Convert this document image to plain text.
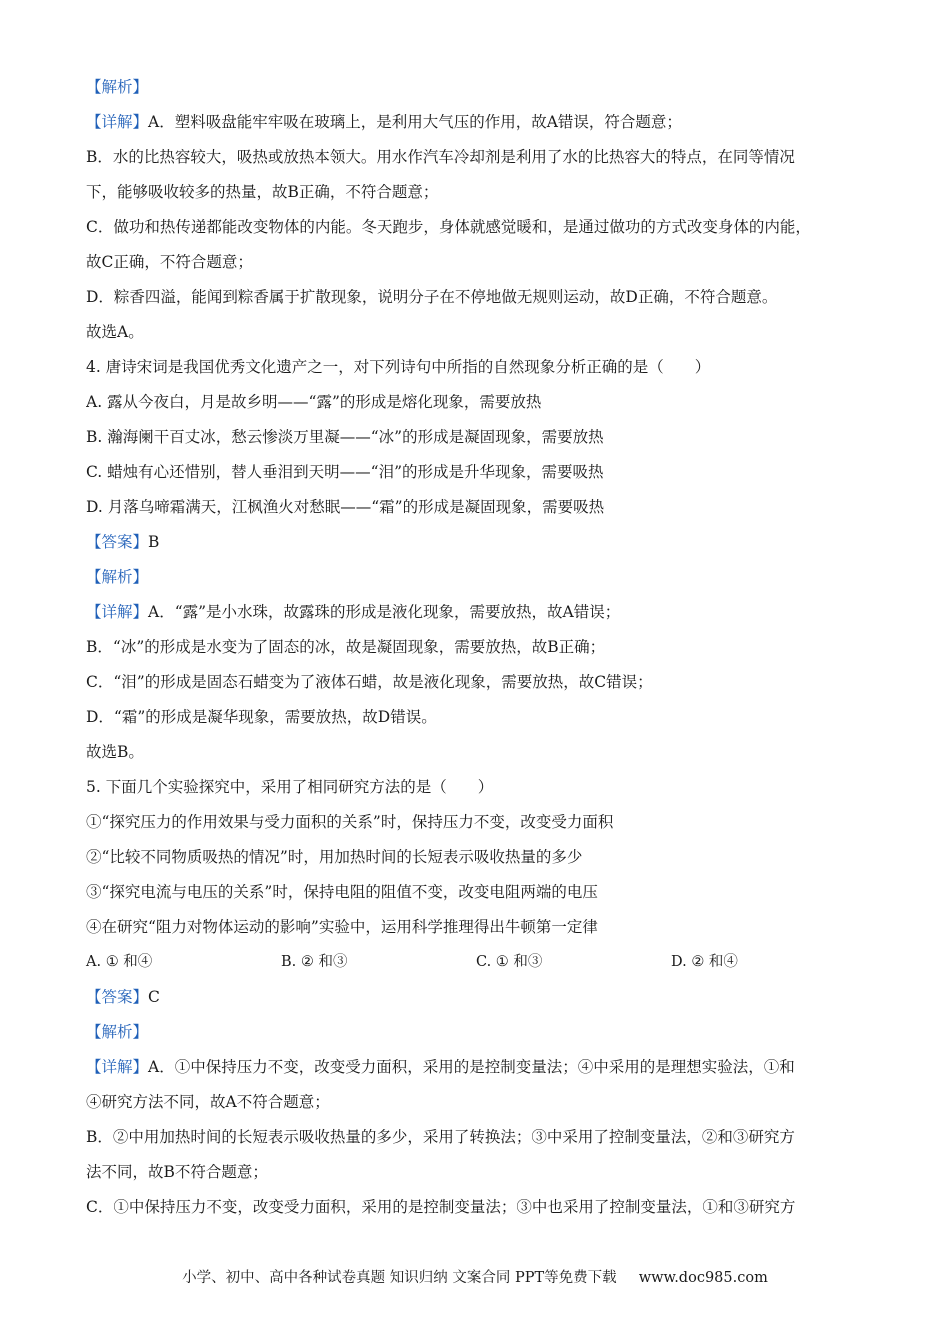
【解析】
【详解】A．塑料吸盘能牢牢吸在玻璃上，是利用大气压的作用，故A错误，符合题意；
B．水的比热容较大，吸热或放热本领大。用水作汽车冷却剂是利用了水的比热容大的特点，在同等情况
下，能够吸收较多的热量，故B正确，不符合题意；
C．做功和热传递都能改变物体的内能。冬天跑步，身体就感觉暖和，是通过做功的方式改变身体的内能，
故C正确，不符合题意；
D．粽香四溢，能闻到粽香属于扩散现象，说明分子在不停地做无规则运动，故D正确，不符合题意。
故选A。
4. 唐诗宋词是我国优秀文化遗产之一，对下列诗句中所指的自然现象分析正确的是（　　）
A. 露从今夜白，月是故乡明——“露”的形成是熔化现象，需要放热
B. 瀚海阑干百丈冰，愁云惨淡万里凝——“冰”的形成是凝固现象，需要放热
C. 蜡烛有心还惜别，替人垂泪到天明——“泪”的形成是升华现象，需要吸热
D. 月落乌啼霜满天，江枫渔火对愁眠——“霜”的形成是凝固现象，需要吸热
【答案】B
【解析】
【详解】A．“露”是小水珠，故露珠的形成是液化现象，需要放热，故A错误；
B．“冰”的形成是水变为了固态的冰，故是凝固现象，需要放热，故B正确；
C．“泪”的形成是固态石蜡变为了液体石蜡，故是液化现象，需要放热，故C错误；
D．“霜”的形成是凝华现象，需要放热，故D错误。
故选B。
5. 下面几个实验探究中，采用了相同研究方法的是（　　）
①“探究压力的作用效果与受力面积的关系”时，保持压力不变，改变受力面积
②“比较不同物质吸热的情况”时，用加热时间的长短表示吸收热量的多少
③“探究电流与电压的关系”时，保持电阻的阻值不变，改变电阻两端的电压
④在研究“阻力对物体运动的影响”实验中，运用科学推理得出牛顿第一定律
A. ① 和④	B. ② 和③	C. ① 和③	D. ② 和④
【答案】C
【解析】
【详解】A．①中保持压力不变，改变受力面积，采用的是控制变量法；④中采用的是理想实验法，①和
④研究方法不同，故A不符合题意；
B．②中用加热时间的长短表示吸收热量的多少，采用了转换法；③中采用了控制变量法，②和③研究方
法不同，故B不符合题意；
C．①中保持压力不变，改变受力面积，采用的是控制变量法；③中也采用了控制变量法，①和③研究方
小学、初中、高中各种试卷真题 知识归纳 文案合同 PPT等免费下载 www.doc985.com
